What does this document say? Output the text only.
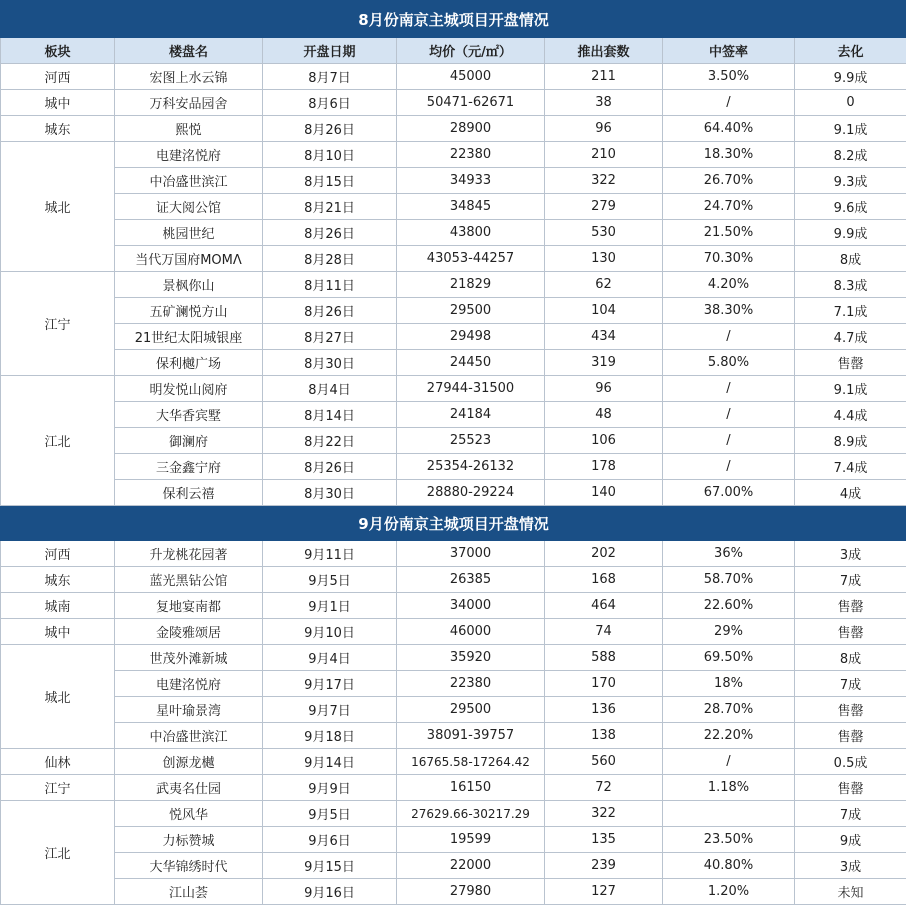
8月份南京主城项目开盘情况						
板块	楼盘名	开盘日期	均价（元/㎡）	推出套数	中签率	去化
河西	宏图上水云锦	8月7日	45000	211	3.50%	9.9成
城中	万科安品园舍	8月6日	50471-62671	38	/	0
城东	熙悦	8月26日	28900	96	64.40%	9.1成
城北	电建洺悦府	8月10日	22380	210	18.30%	8.2成
	中冶盛世滨江	8月15日	34933	322	26.70%	9.3成
	证大阅公馆	8月21日	34845	279	24.70%	9.6成
	桃园世纪	8月26日	43800	530	21.50%	9.9成
	当代万国府MOMΛ	8月28日	43053-44257	130	70.30%	8成
江宁	景枫你山	8月11日	21829	62	4.20%	8.3成
	五矿澜悦方山	8月26日	29500	104	38.30%	7.1成
	21世纪太阳城银座	8月27日	29498	434	/	4.7成
	保利樾广场	8月30日	24450	319	5.80%	售罄
江北	明发悦山阅府	8月4日	27944-31500	96	/	9.1成
	大华香宾墅	8月14日	24184	48	/	4.4成
	御澜府	8月22日	25523	106	/	8.9成
	三金鑫宁府	8月26日	25354-26132	178	/	7.4成
	保利云禧	8月30日	28880-29224	140	67.00%	4成
9月份南京主城项目开盘情况						
河西	升龙桃花园著	9月11日	37000	202	36%	3成
城东	蓝光黑钻公馆	9月5日	26385	168	58.70%	7成
城南	复地宴南都	9月1日	34000	464	22.60%	售罄
城中	金陵雅颂居	9月10日	46000	74	29%	售罄
城北	世茂外滩新城	9月4日	35920	588	69.50%	8成
	电建洺悦府	9月17日	22380	170	18%	7成
	星叶瑜景湾	9月7日	29500	136	28.70%	售罄
	中冶盛世滨江	9月18日	38091-39757	138	22.20%	售罄
仙林	创源龙樾	9月14日	16765.58-17264.42	560	/	0.5成
江宁	武夷名仕园	9月9日	16150	72	1.18%	售罄
江北	悦风华	9月5日	27629.66-30217.29	322		7成
	力标赞城	9月6日	19599	135	23.50%	9成
	大华锦绣时代	9月15日	22000	239	40.80%	3成
	江山荟	9月16日	27980	127	1.20%	未知
